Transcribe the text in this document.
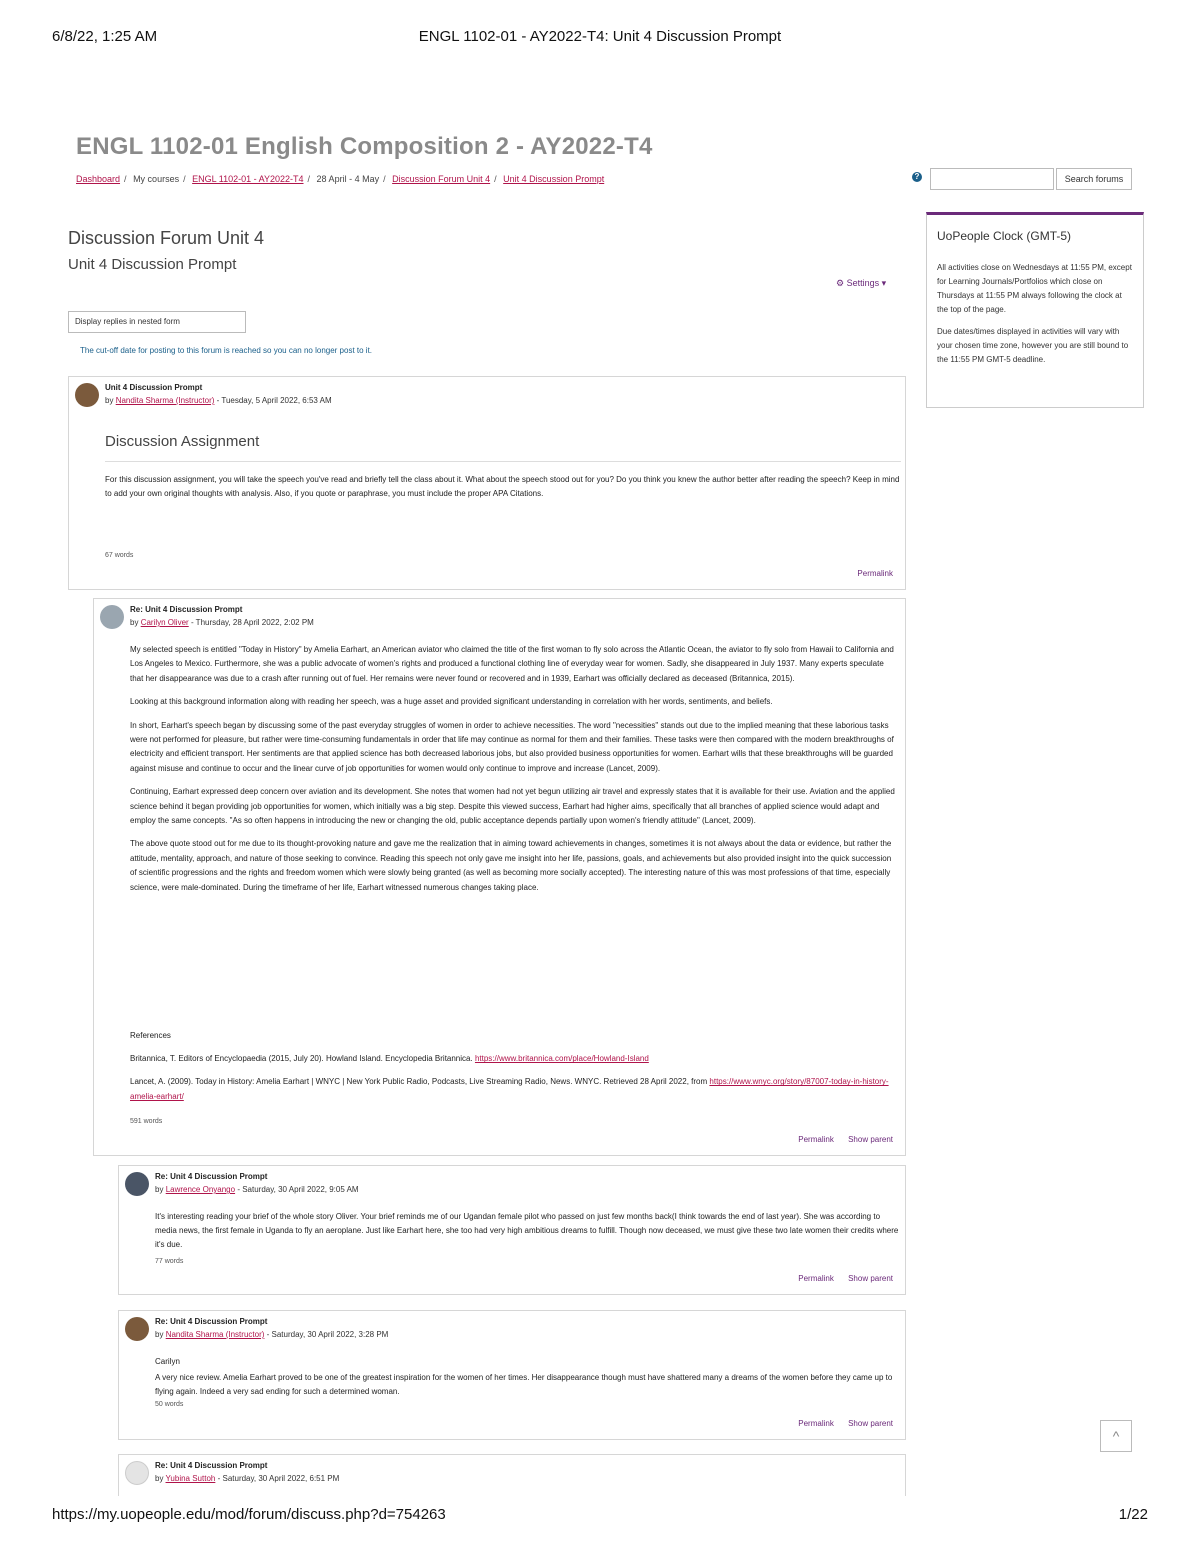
6/8/22, 1:25 AM	ENGL 1102-01 - AY2022-T4: Unit 4 Discussion Prompt
ENGL 1102-01 English Composition 2 - AY2022-T4
Dashboard / My courses / ENGL 1102-01 - AY2022-T4 / 28 April - 4 May / Discussion Forum Unit 4 / Unit 4 Discussion Prompt	?	Search forums
UoPeople Clock (GMT-5)

All activities close on Wednesdays at 11:55 PM, except for Learning Journals/Portfolios which close on Thursdays at 11:55 PM always following the clock at the top of the page.

Due dates/times displayed in activities will vary with your chosen time zone, however you are still bound to the 11:55 PM GMT-5 deadline.

Discussion Forum Unit 4
Unit 4 Discussion Prompt
⚙ Settings ▾
Display replies in nested form
The cut-off date for posting to this forum is reached so you can no longer post to it.
Unit 4 Discussion Prompt
by Nandita Sharma (Instructor) - Tuesday, 5 April 2022, 6:53 AM
Discussion Assignment

For this discussion assignment, you will take the speech you've read and briefly tell the class about it. What about the speech stood out for you? Do you think you knew the author better after reading the speech? Keep in mind to add your own original thoughts with analysis. Also, if you quote or paraphrase, you must include the proper APA Citations.

67 words
Permalink
Re: Unit 4 Discussion Prompt
by Carilyn Oliver - Thursday, 28 April 2022, 2:02 PM

My selected speech is entitled "Today in History" by Amelia Earhart, an American aviator who claimed the title of the first woman to fly solo across the Atlantic Ocean, the aviator to fly solo from Hawaii to California and Los Angeles to Mexico. Furthermore, she was a public advocate of women's rights and produced a functional clothing line of everyday wear for women. Sadly, she disappeared in July 1937. Many experts speculate that her disappearance was due to a crash after running out of fuel. Her remains were never found or recovered and in 1939, Earhart was officially declared as deceased (Britannica, 2015).

Looking at this background information along with reading her speech, was a huge asset and provided significant understanding in correlation with her words, sentiments, and beliefs.

In short, Earhart's speech began by discussing some of the past everyday struggles of women in order to achieve necessities. The word "necessities" stands out due to the implied meaning that these laborious tasks were not performed for pleasure, but rather were time-consuming fundamentals in order that life may continue as normal for them and their families. These tasks were then compared with the modern breakthroughs of electricity and efficient transport. Her sentiments are that applied science has both decreased laborious jobs, but also provided business opportunities for women. Earhart wills that these breakthroughs will be guarded against misuse and continue to occur and the linear curve of job opportunities for women would only continue to improve and increase (Lancet, 2009).

Continuing, Earhart expressed deep concern over aviation and its development. She notes that women had not yet begun utilizing air travel and expressly states that it is available for their use. Aviation and the applied science behind it began providing job opportunities for women, which initially was a big step. Despite this viewed success, Earhart had higher aims, specifically that all branches of applied science would adapt and employ the same concepts. "As so often happens in introducing the new or changing the old, public acceptance depends partially upon women's friendly attitude" (Lancet, 2009).

The above quote stood out for me due to its thought-provoking nature and gave me the realization that in aiming toward achievements in changes, sometimes it is not always about the data or evidence, but rather the attitude, mentality, approach, and nature of those seeking to convince. Reading this speech not only gave me insight into her life, passions, goals, and achievements but also provided insight into the quick succession of scientific progressions and the rights and freedom women which were slowly being granted (as well as becoming more socially accepted). The interesting nature of this was most professions of that time, especially science, were male-dominated. During the timeframe of her life, Earhart witnessed numerous changes taking place.

References

Britannica, T. Editors of Encyclopaedia (2015, July 20). Howland Island. Encyclopedia Britannica. https://www.britannica.com/place/Howland-Island

Lancet, A. (2009). Today in History: Amelia Earhart | WNYC | New York Public Radio, Podcasts, Live Streaming Radio, News. WNYC. Retrieved 28 April 2022, from https://www.wnyc.org/story/87007-today-in-history-amelia-earhart/

591 words
Permalink Show parent
Re: Unit 4 Discussion Prompt
by Lawrence Onyango - Saturday, 30 April 2022, 9:05 AM

It's interesting reading your brief of the whole story Oliver. Your brief reminds me of our Ugandan female pilot who passed on just few months back(I think towards the end of last year). She was according to media news, the first female in Uganda to fly an aeroplane. Just like Earhart here, she too had very high ambitious dreams to fulfill. Though now deceased, we must give these two late women their credits where it's due.

77 words
Permalink Show parent
Re: Unit 4 Discussion Prompt
by Nandita Sharma (Instructor) - Saturday, 30 April 2022, 3:28 PM

Carilyn

A very nice review. Amelia Earhart proved to be one of the greatest inspiration for the women of her times. Her disappearance though must have shattered many a dreams of the women before they came up to flying again. Indeed a very sad ending for such a determined woman.

50 words
Permalink Show parent
Re: Unit 4 Discussion Prompt
by Yubina Suttoh - Saturday, 30 April 2022, 6:51 PM
^
https://my.uopeople.edu/mod/forum/discuss.php?d=754263	1/22
